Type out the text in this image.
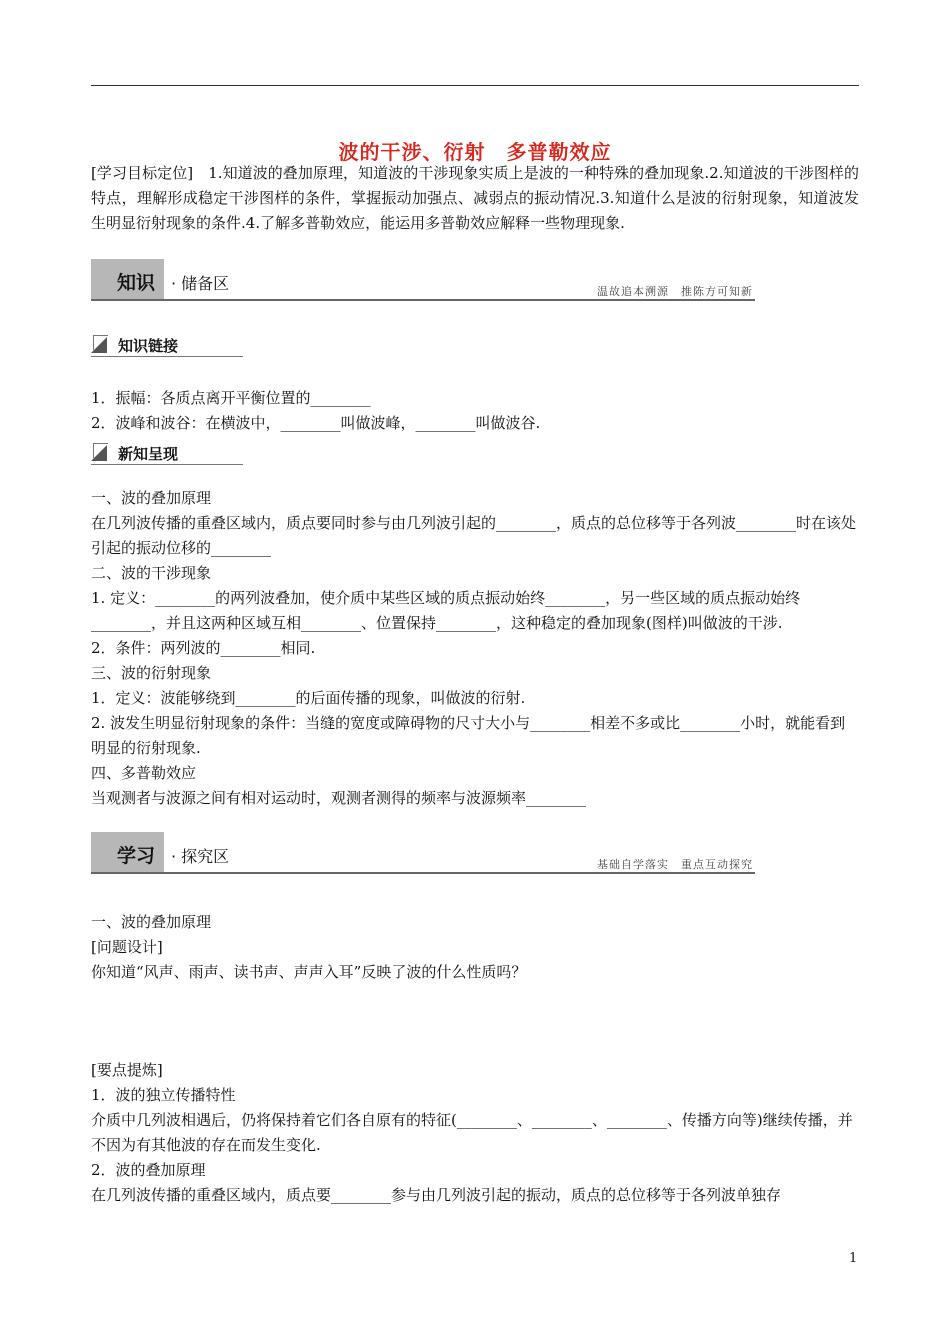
波的干涉、衍射　多普勒效应

[学习目标定位]　1.知道波的叠加原理，知道波的干涉现象实质上是波的一种特殊的叠加现象.2.知道波的干涉图样的特点，理解形成稳定干涉图样的条件，掌握振动加强点、减弱点的振动情况.3.知道什么是波的衍射现象，知道波发生明显衍射现象的条件.4.了解多普勒效应，能运用多普勒效应解释一些物理现象.

知识 · 储备区	温故追本溯源　推陈方可知新
知识链接

1．振幅：各质点离开平衡位置的________

2．波峰和波谷：在横波中，________叫做波峰，________叫做波谷.

新知呈现

一、波的叠加原理

在几列波传播的重叠区域内，质点要同时参与由几列波引起的________，质点的总位移等于各列波________时在该处引起的振动位移的________

二、波的干涉现象

1. 定义：________的两列波叠加，使介质中某些区域的质点振动始终________，另一些区域的质点振动始终________，并且这两种区域互相________、位置保持________，这种稳定的叠加现象(图样)叫做波的干涉.

2．条件：两列波的________相同.

三、波的衍射现象

1．定义：波能够绕到________的后面传播的现象，叫做波的衍射.

2. 波发生明显衍射现象的条件：当缝的宽度或障碍物的尺寸大小与________相差不多或比________小时，就能看到明显的衍射现象.

四、多普勒效应

当观测者与波源之间有相对运动时，观测者测得的频率与波源频率________

学习 · 探究区	基础自学落实　重点互动探究

一、波的叠加原理

[问题设计]

你知道“风声、雨声、读书声、声声入耳”反映了波的什么性质吗？

[要点提炼]

1．波的独立传播特性

介质中几列波相遇后，仍将保持着它们各自原有的特征(________、________、________、传播方向等)继续传播，并不因为有其他波的存在而发生变化.

2．波的叠加原理

在几列波传播的重叠区域内，质点要________参与由几列波引起的振动，质点的总位移等于各列波单独存

1
